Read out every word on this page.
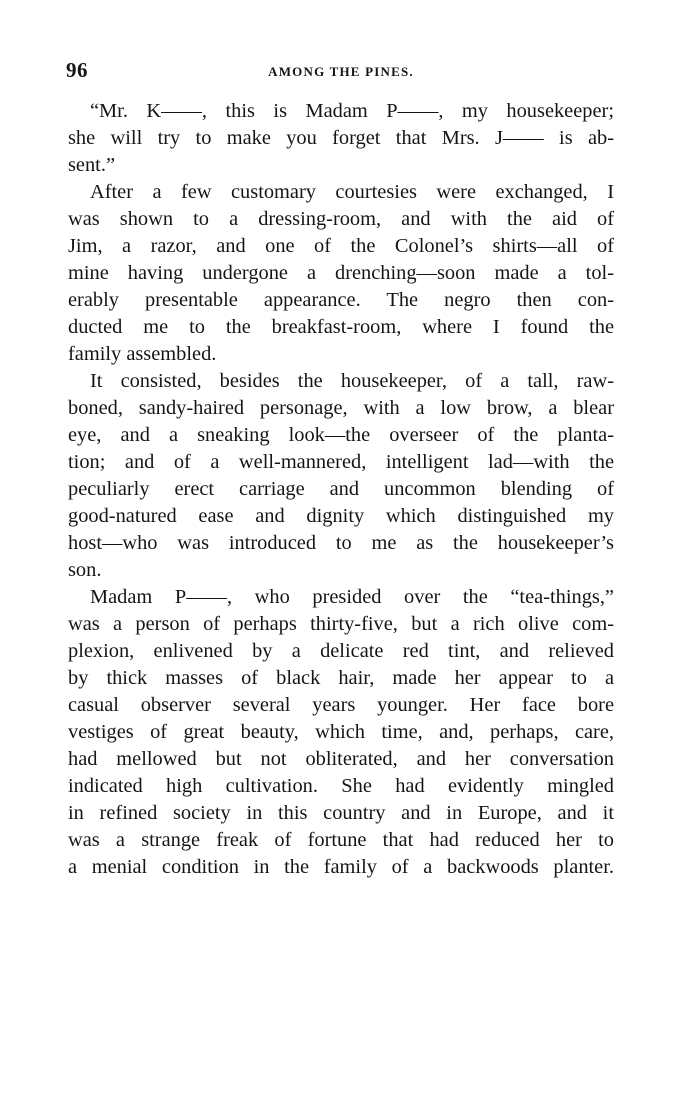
96	AMONG THE PINES.
“Mr. K——, this is Madam P——, my housekeeper;
she will try to make you forget that Mrs. J—— is ab-
sent.”
After a few customary courtesies were exchanged, I
was shown to a dressing-room, and with the aid of
Jim, a razor, and one of the Colonel’s shirts—all of
mine having undergone a drenching—soon made a tol-
erably presentable appearance. The negro then con-
ducted me to the breakfast-room, where I found the
family assembled.
It consisted, besides the housekeeper, of a tall, raw-
boned, sandy-haired personage, with a low brow, a blear
eye, and a sneaking look—the overseer of the planta-
tion; and of a well-mannered, intelligent lad—with the
peculiarly erect carriage and uncommon blending of
good-natured ease and dignity which distinguished my
host—who was introduced to me as the housekeeper’s
son.
Madam P——, who presided over the “tea-things,”
was a person of perhaps thirty-five, but a rich olive com-
plexion, enlivened by a delicate red tint, and relieved
by thick masses of black hair, made her appear to a
casual observer several years younger. Her face bore
vestiges of great beauty, which time, and, perhaps, care,
had mellowed but not obliterated, and her conversation
indicated high cultivation. She had evidently mingled
in refined society in this country and in Europe, and it
was a strange freak of fortune that had reduced her to
a menial condition in the family of a backwoods planter.
